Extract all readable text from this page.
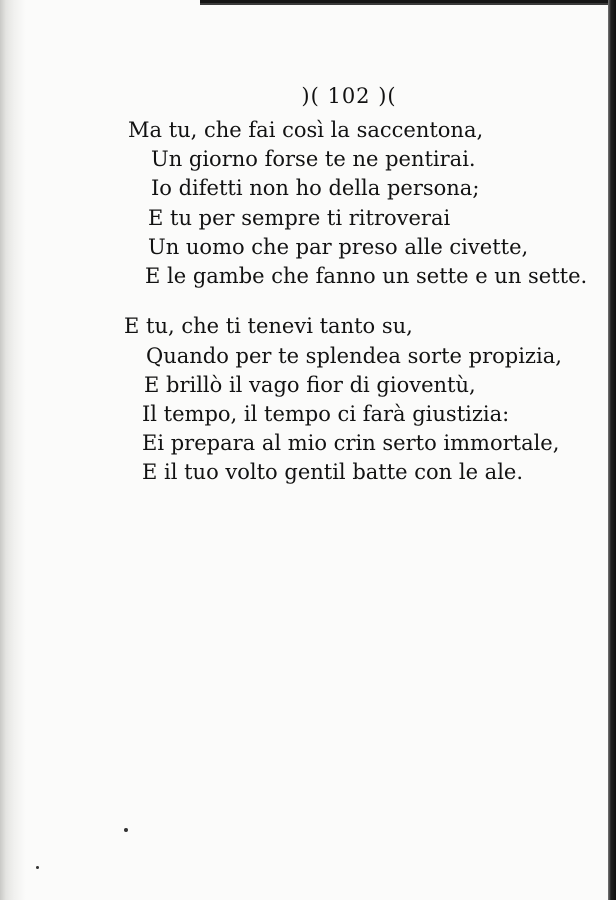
)( 102 )(
Ma tu, che fai così la saccentona,
Un giorno forse te ne pentirai.
Io difetti non ho della persona;
E tu per sempre ti ritroverai
Un uomo che par preso alle civette,
E le gambe che fanno un sette e un sette.
E tu, che ti tenevi tanto su,
Quando per te splendea sorte propizia,
E brillò il vago fior di gioventù,
Il tempo, il tempo ci farà giustizia:
Ei prepara al mio crin serto immortale,
E il tuo volto gentil batte con le ale.
